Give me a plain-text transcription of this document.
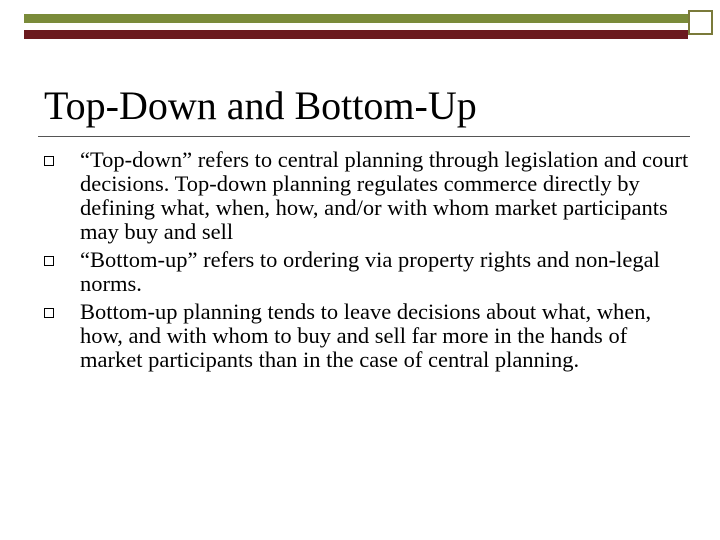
Top-Down and Bottom-Up
“Top-down” refers to central planning through legislation and court decisions. Top-down planning regulates commerce directly by defining what, when, how, and/or with whom market participants may buy and sell
“Bottom-up” refers to ordering via property rights and non-legal norms.
Bottom-up planning tends to leave decisions about what, when, how, and with whom to buy and sell far more in the hands of market participants than in the case of central planning.
